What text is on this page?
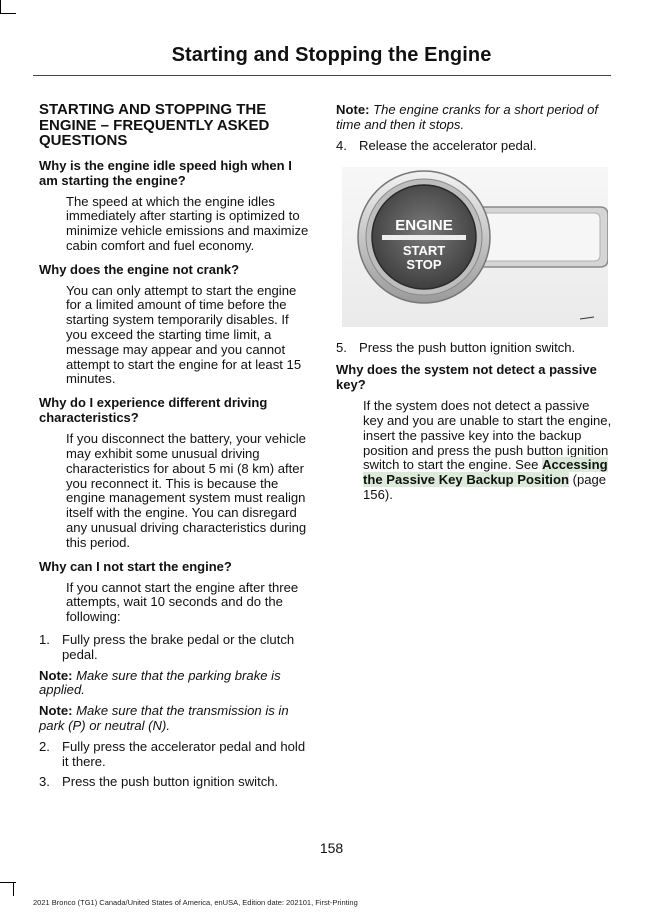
Starting and Stopping the Engine
STARTING AND STOPPING THE ENGINE – FREQUENTLY ASKED QUESTIONS
Why is the engine idle speed high when I am starting the engine?
The speed at which the engine idles immediately after starting is optimized to minimize vehicle emissions and maximize cabin comfort and fuel economy.
Why does the engine not crank?
You can only attempt to start the engine for a limited amount of time before the starting system temporarily disables. If you exceed the starting time limit, a message may appear and you cannot attempt to start the engine for at least 15 minutes.
Why do I experience different driving characteristics?
If you disconnect the battery, your vehicle may exhibit some unusual driving characteristics for about 5 mi (8 km) after you reconnect it. This is because the engine management system must realign itself with the engine. You can disregard any unusual driving characteristics during this period.
Why can I not start the engine?
If you cannot start the engine after three attempts, wait 10 seconds and do the following:
1. Fully press the brake pedal or the clutch pedal.
Note: Make sure that the parking brake is applied.
Note: Make sure that the transmission is in park (P) or neutral (N).
2. Fully press the accelerator pedal and hold it there.
3. Press the push button ignition switch.
Note: The engine cranks for a short period of time and then it stops.
4. Release the accelerator pedal.
ENGINE
START
STOP
5. Press the push button ignition switch.
Why does the system not detect a passive key?
If the system does not detect a passive key and you are unable to start the engine, insert the passive key into the backup position and press the push button ignition switch to start the engine. See Accessing the Passive Key Backup Position (page 156).
158
2021 Bronco (TG1) Canada/United States of America, enUSA, Edition date: 202101, First-Printing
